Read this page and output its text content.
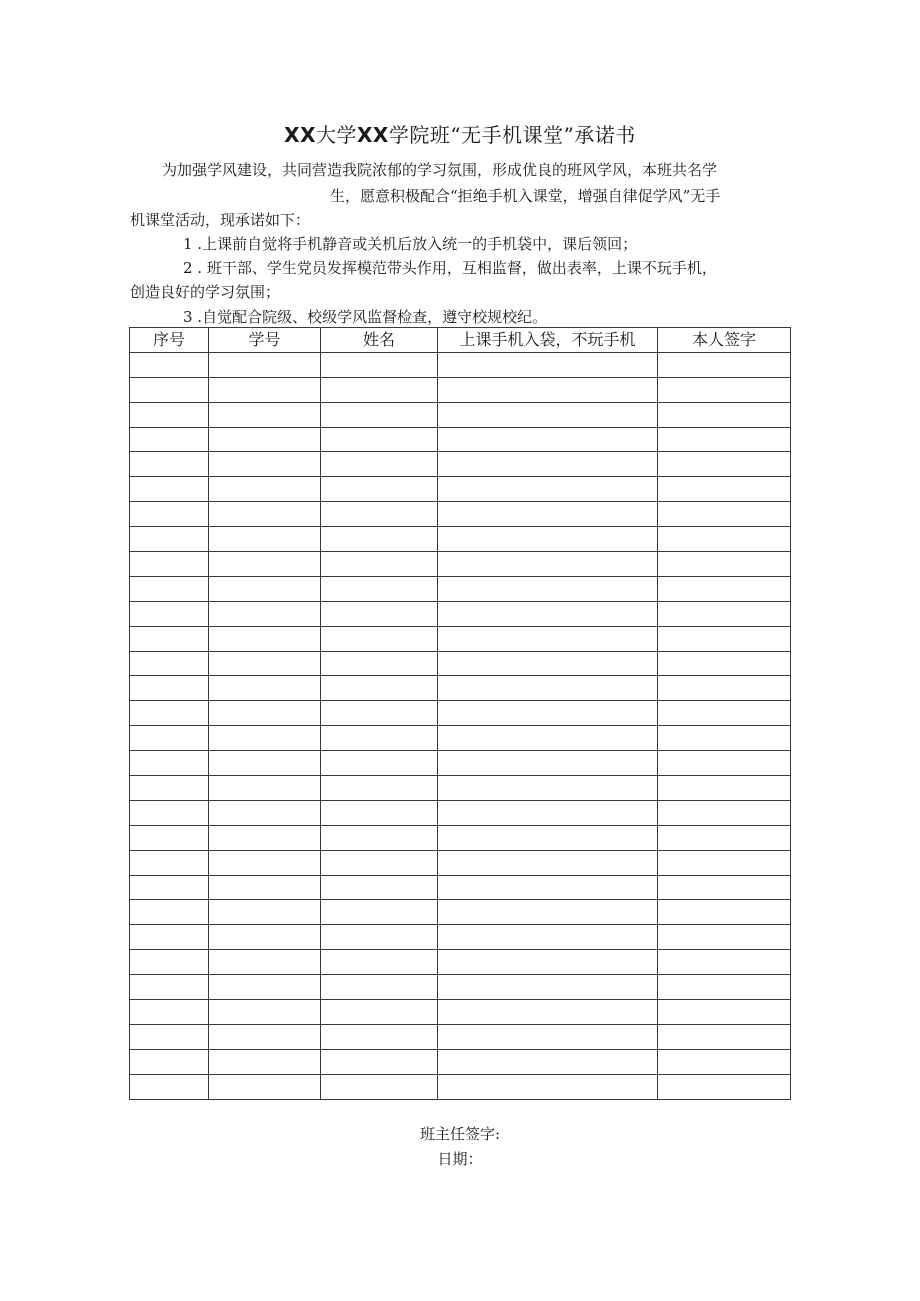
XX大学XX学院班“无手机课堂”承诺书
为加强学风建设，共同营造我院浓郁的学习氛围，形成优良的班风学风，本班共名学
生，愿意积极配合“拒绝手机入课堂，增强自律促学风”无手
机课堂活动，现承诺如下：
1 .上课前自觉将手机静音或关机后放入统一的手机袋中，课后领回；
2 . 班干部、学生党员发挥模范带头作用，互相监督，做出表率，上课不玩手机，
创造良好的学习氛围；
3 .自觉配合院级、校级学风监督检查，遵守校规校纪。
序号	学号	姓名	上课手机入袋，不玩手机	本人签字

班主任签字:
日期：
